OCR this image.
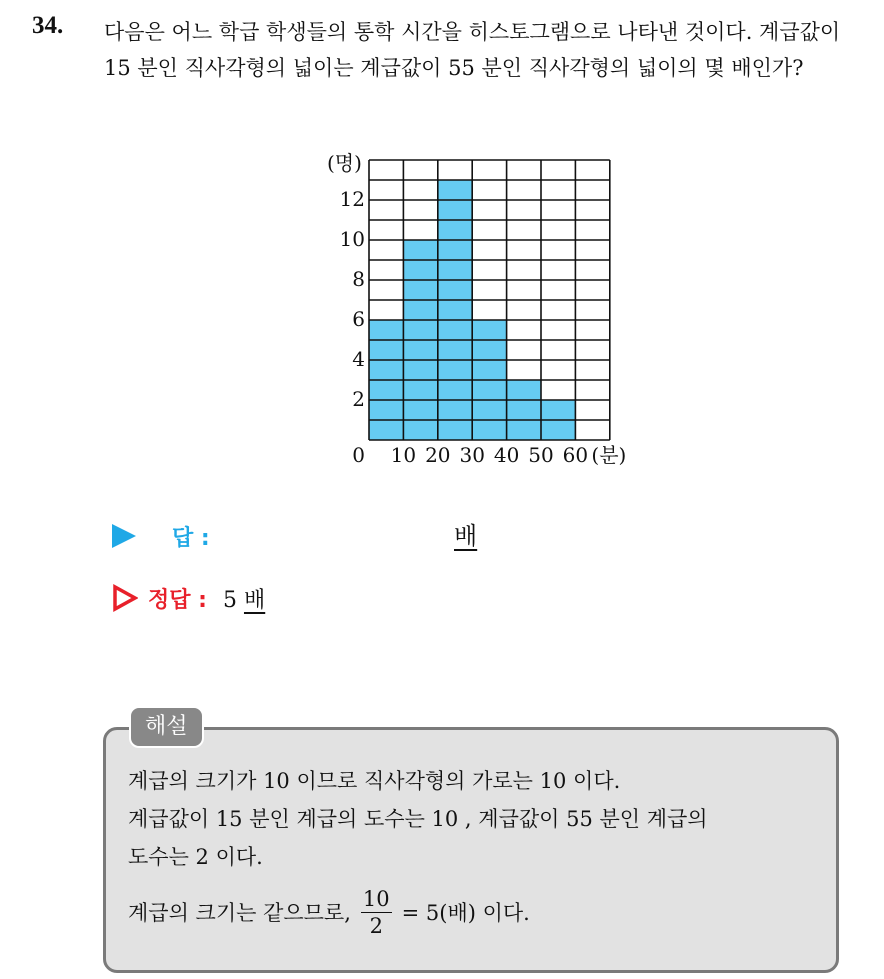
34. 다음은 어느 학급 학생들의 통학 시간을 히스토그램으로 나타낸 것이다. 계급값이 15 분인 직사각형의 넓이는 계급값이 55 분인 직사각형의 넓이의 몇 배인가?

0
2
4
6
8
10
12
10 20 30 40 50 60
(명)
(분)
답 :	배
정답 : 5 배
해설
계급의 크기가 10 이므로 직사각형의 가로는 10 이다.
계급값이 15 분인 계급의 도수는 10 , 계급값이 55 분인 계급의
도수는 2 이다.
계급의 크기는 같으므로, $\frac{10}{2} = 5$(배) 이다.
